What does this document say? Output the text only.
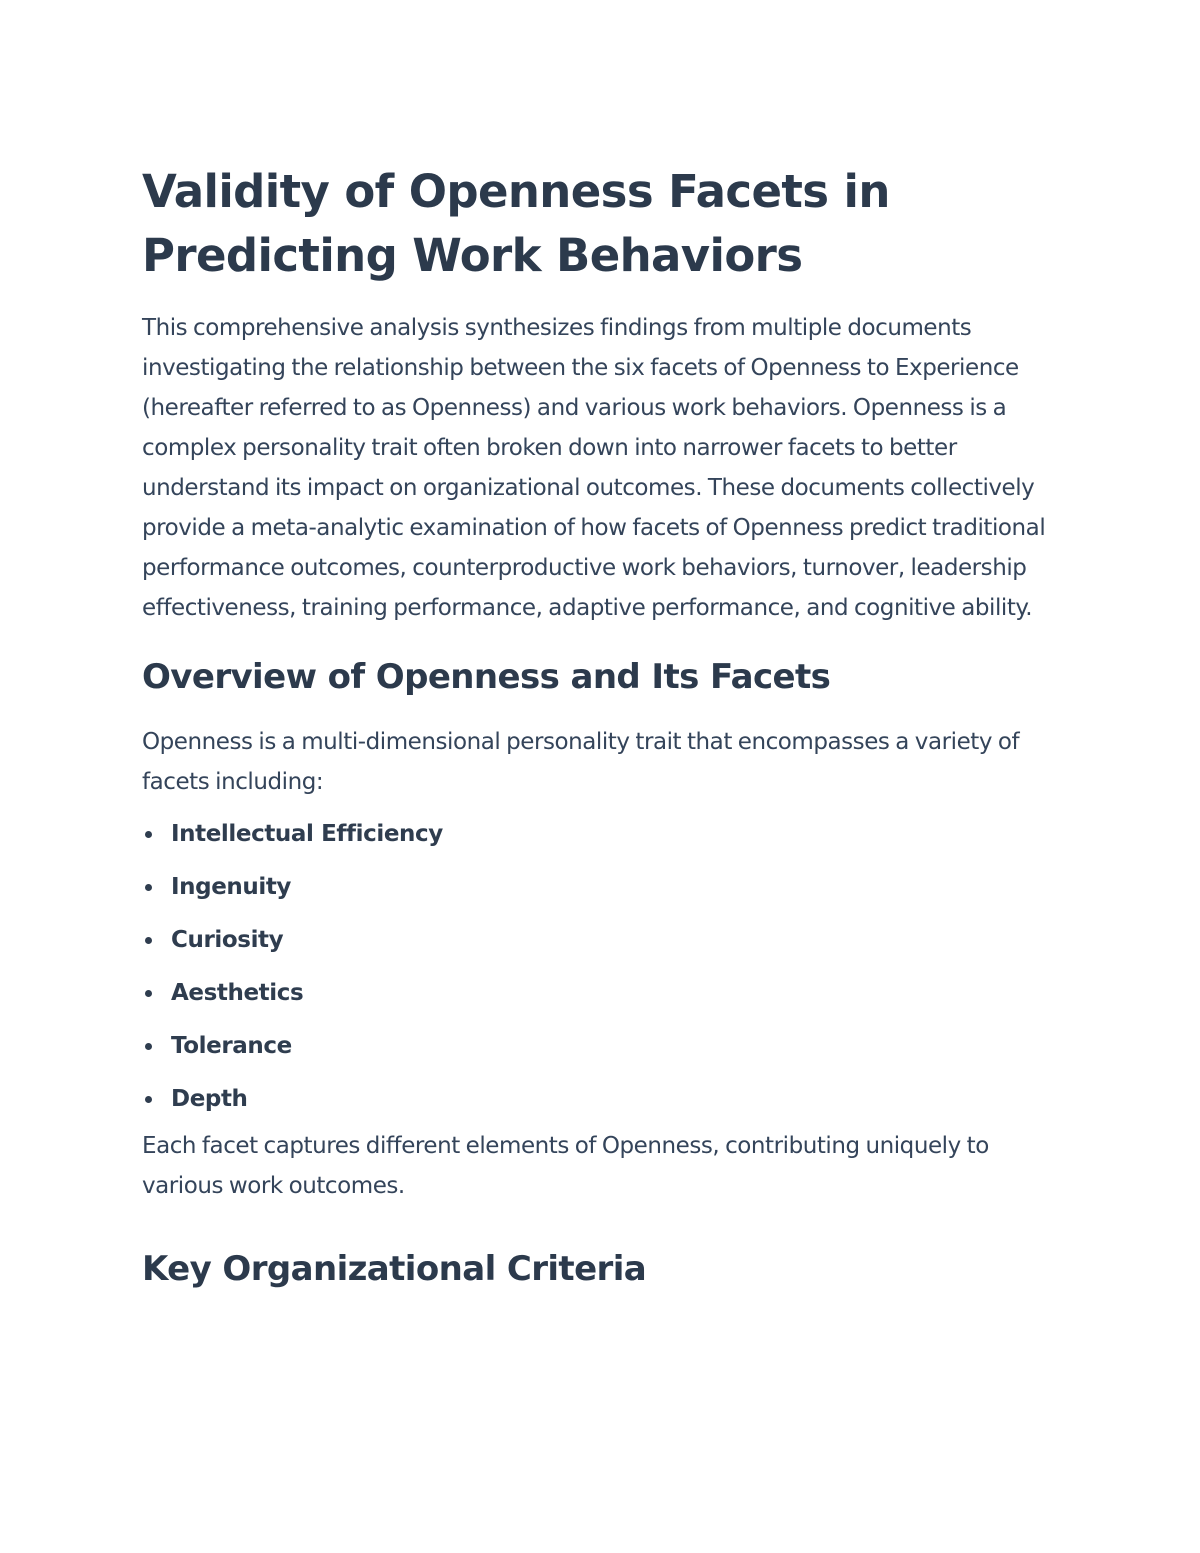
Validity of Openness Facets in Predicting Work Behaviors

This comprehensive analysis synthesizes findings from multiple documents investigating the relationship between the six facets of Openness to Experience (hereafter referred to as Openness) and various work behaviors. Openness is a complex personality trait often broken down into narrower facets to better understand its impact on organizational outcomes. These documents collectively provide a meta-analytic examination of how facets of Openness predict traditional performance outcomes, counterproductive work behaviors, turnover, leadership effectiveness, training performance, adaptive performance, and cognitive ability.

Overview of Openness and Its Facets

Openness is a multi-dimensional personality trait that encompasses a variety of facets including:

Intellectual Efficiency
Ingenuity
Curiosity
Aesthetics
Tolerance
Depth

Each facet captures different elements of Openness, contributing uniquely to various work outcomes.

Key Organizational Criteria
